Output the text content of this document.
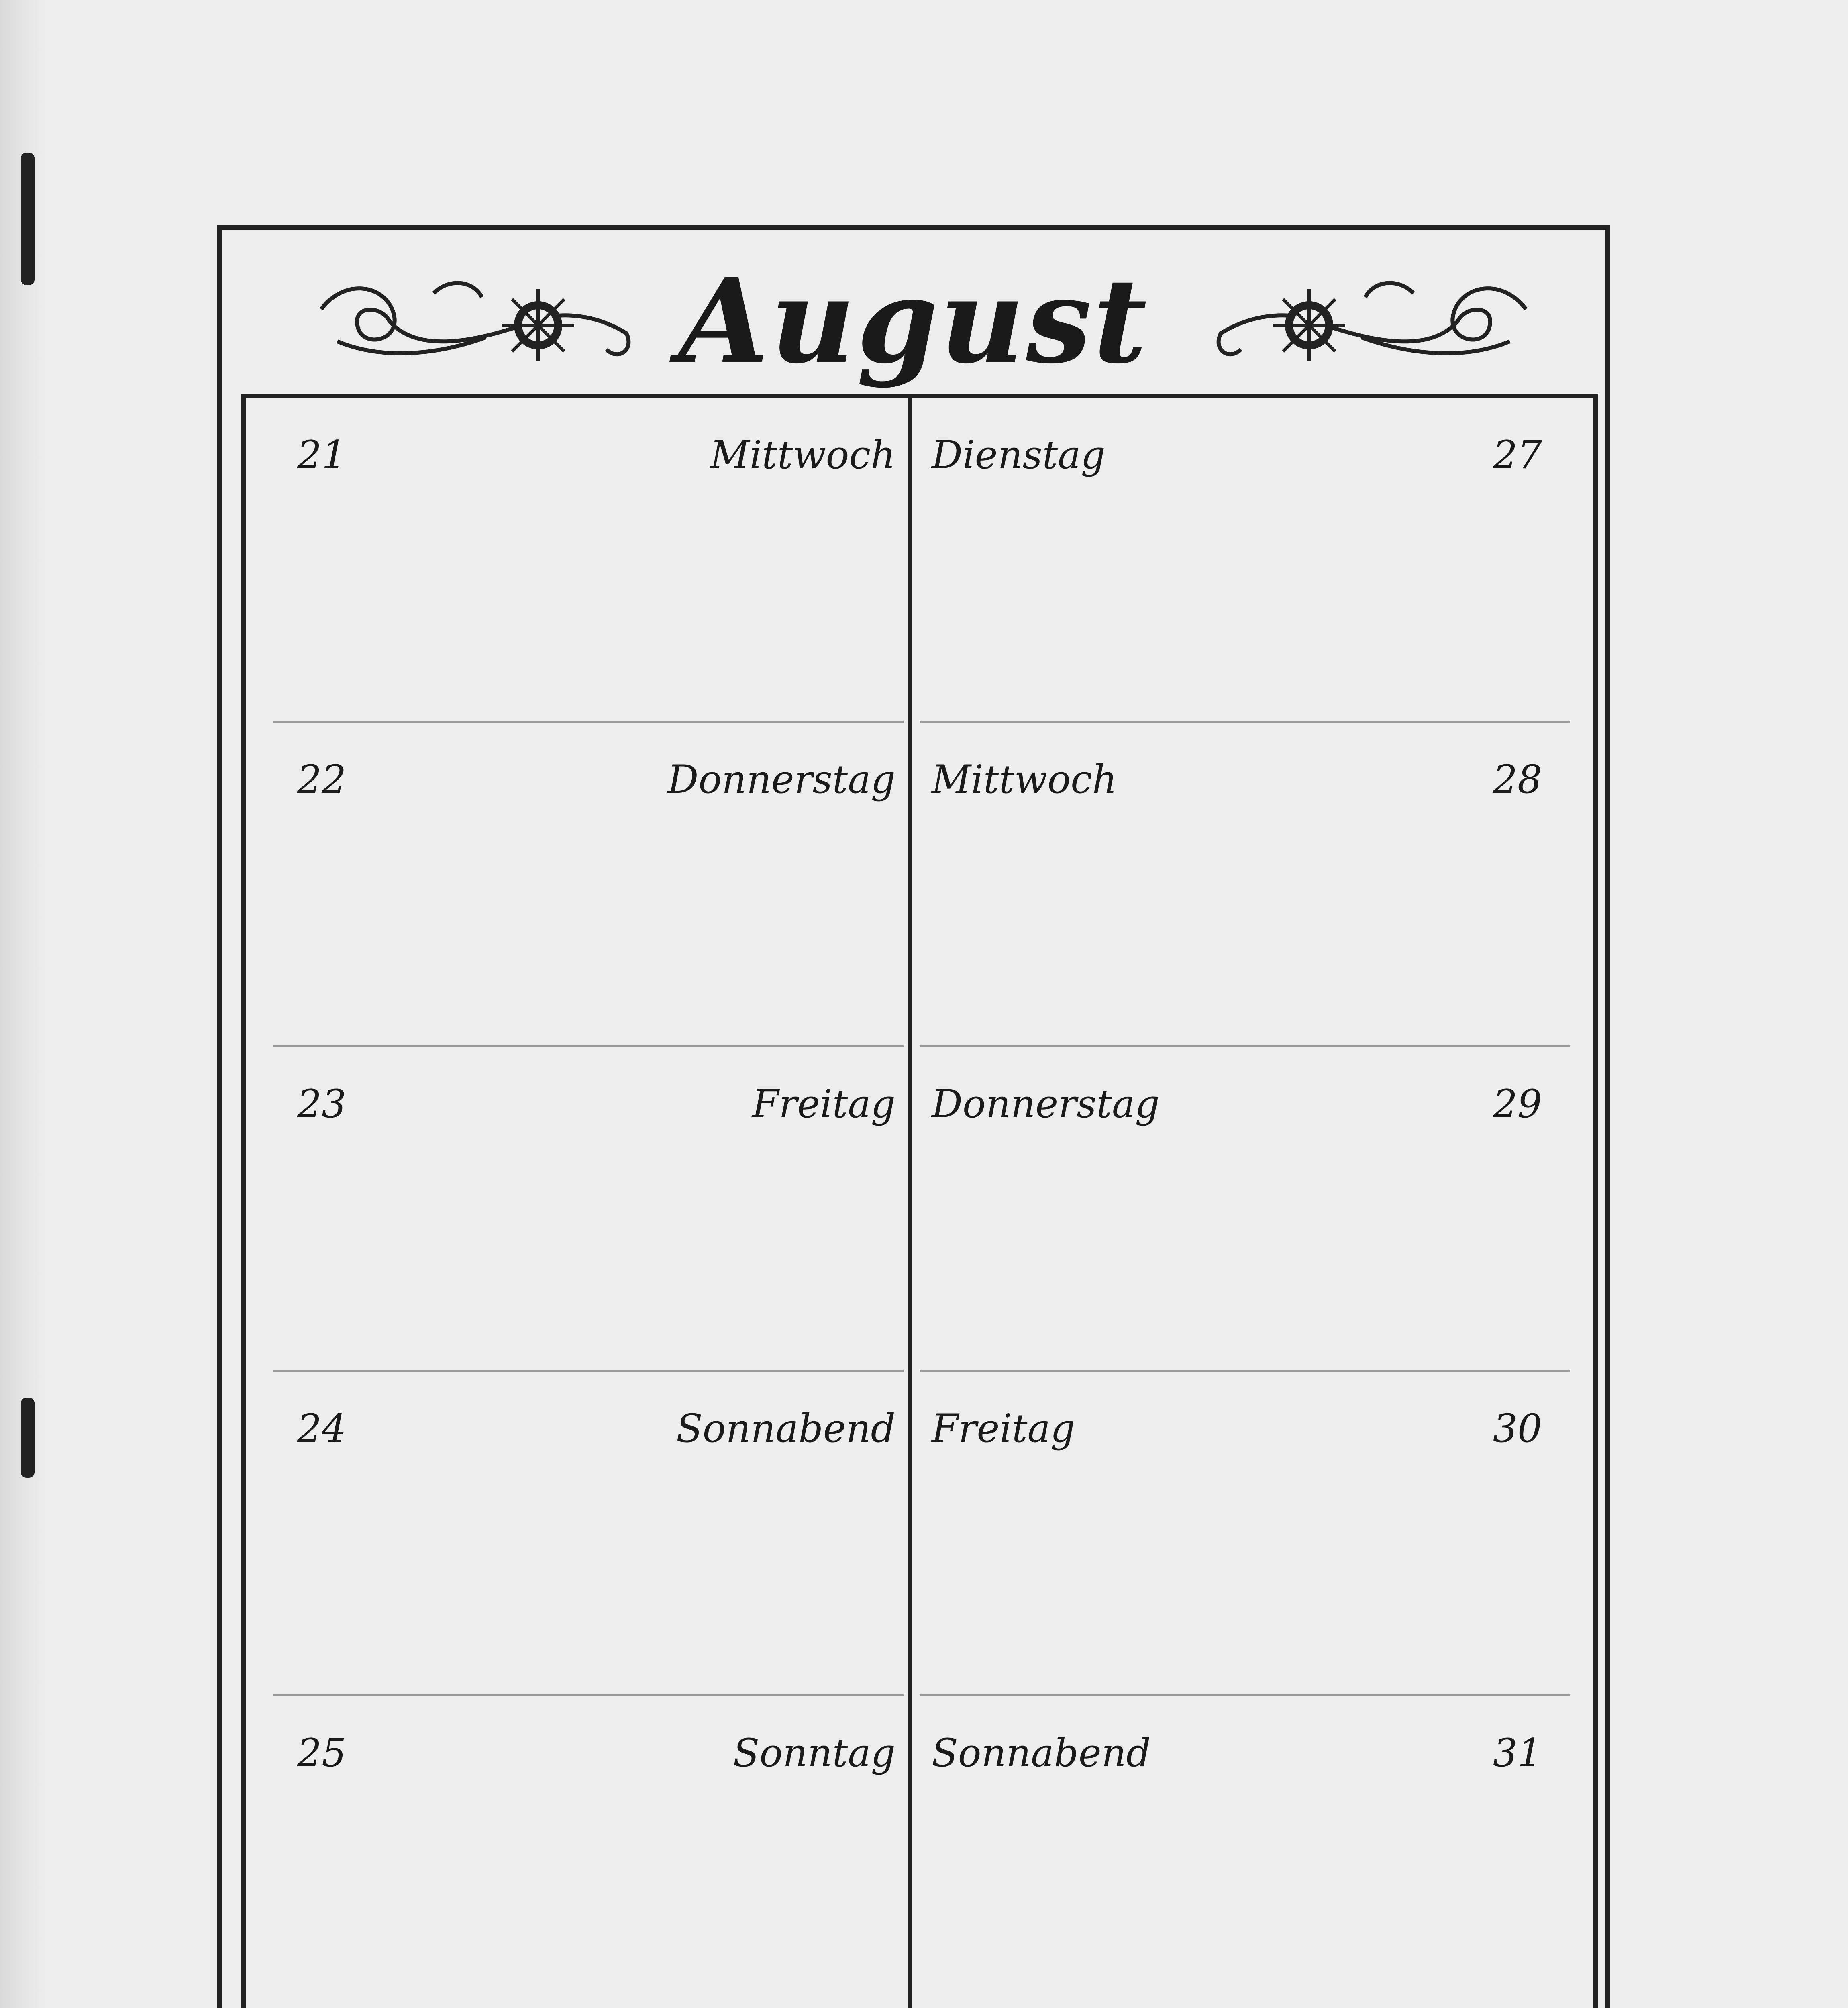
August
21	Mittwoch
22	Donnerstag
23	Freitag
24	Sonnabend
25	Sonntag
Dienstag	27
Mittwoch	28
Donnerstag	29
Freitag	30
Sonnabend	31
